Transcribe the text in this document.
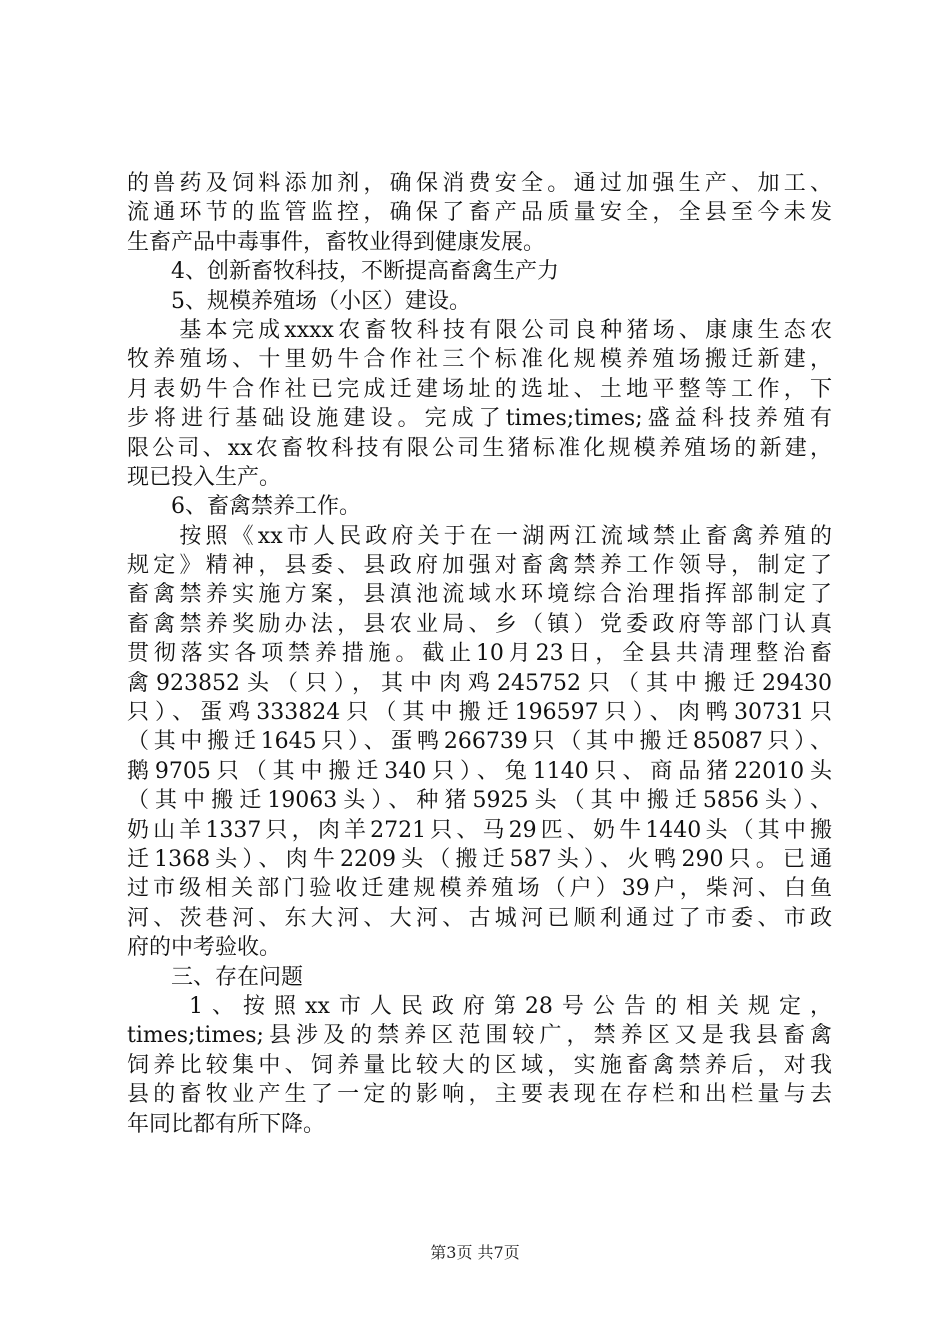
的兽药及饲料添加剂，确保消费安全。通过加强生产、加工、
流通环节的监管监控，确保了畜产品质量安全，全县至今未发
生畜产品中毒事件，畜牧业得到健康发展。
　　4、创新畜牧科技，不断提高畜禽生产力
　　5、规模养殖场（小区）建设。
　　基本完成xxxx农畜牧科技有限公司良种猪场、康康生态农
牧养殖场、十里奶牛合作社三个标准化规模养殖场搬迁新建，
月表奶牛合作社已完成迁建场址的选址、土地平整等工作，下
步将进行基础设施建设。完成了times;times;盛益科技养殖有
限公司、xx农畜牧科技有限公司生猪标准化规模养殖场的新建，
现已投入生产。
　　6、畜禽禁养工作。
　　按照《xx市人民政府关于在一湖两江流域禁止畜禽养殖的
规定》精神，县委、县政府加强对畜禽禁养工作领导，制定了
畜禽禁养实施方案，县滇池流域水环境综合治理指挥部制定了
畜禽禁养奖励办法，县农业局、乡（镇）党委政府等部门认真
贯彻落实各项禁养措施。截止10月23日，全县共清理整治畜
禽923852头（只），其中肉鸡245752只（其中搬迁29430
只）、蛋鸡333824只（其中搬迁196597只）、肉鸭30731只
（其中搬迁1645只）、蛋鸭266739只（其中搬迁85087只）、
鹅9705只（其中搬迁340只）、兔1140只、商品猪22010头
（其中搬迁19063头）、种猪5925头（其中搬迁5856头）、
奶山羊1337只，肉羊2721只、马29匹、奶牛1440头（其中搬
迁1368头）、肉牛2209头（搬迁587头）、火鸭290只。已通
过市级相关部门验收迁建规模养殖场（户）39户，柴河、白鱼
河、茨巷河、东大河、大河、古城河已顺利通过了市委、市政
府的中考验收。
　　三、存在问题
　　1、按照xx市人民政府第28号公告的相关规定，
times;times;县涉及的禁养区范围较广，禁养区又是我县畜禽
饲养比较集中、饲养量比较大的区域，实施畜禽禁养后，对我
县的畜牧业产生了一定的影响，主要表现在存栏和出栏量与去
年同比都有所下降。
第3页 共7页
